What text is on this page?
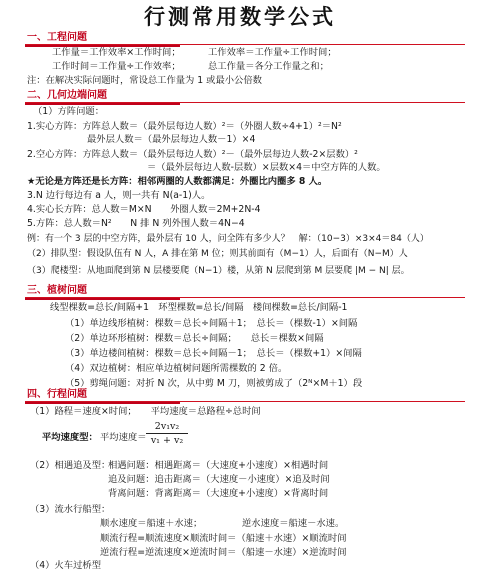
行测常用数学公式
一、工程问题
工作量＝工作效率×工作时间；	工作效率＝工作量÷工作时间；
工作时间＝工作量÷工作效率；	总工作量＝各分工作量之和；
注：在解决实际问题时，常设总工作量为 1 或最小公倍数
二、几何边端问题
（1）方阵问题：
1.实心方阵：方阵总人数＝（最外层每边人数）²＝（外圈人数÷4+1）²＝N²
最外层人数＝（最外层每边人数－1）×4
2.空心方阵：方阵总人数＝（最外层每边人数）²－（最外层每边人数-2×层数）²
＝（最外层每边人数-层数）×层数×4＝中空方阵的人数。
★无论是方阵还是长方阵：相邻两圈的人数都满足：外圈比内圈多 8 人。
3.N 边行每边有 a 人，则一共有 N(a-1)人。
4.实心长方阵：总人数＝M×N　　外圈人数＝2M+2N-4
5.方阵：总人数＝N²　　N 排 N 列外围人数＝4N−4
例：有一个 3 层的中空方阵，最外层有 10 人，问全阵有多少人？　解：（10−3）×3×4＝84（人）
（2）排队型：假设队伍有 N 人，A 排在第 M 位；则其前面有（M−1）人，后面有（N−M）人
（3）爬楼型：从地面爬到第 N 层楼要爬（N−1）楼，从第 N 层爬到第 M 层要爬 |M − N| 层。
三、植树问题
线型棵数=总长/间隔+1　环型棵数=总长/间隔　楼间棵数=总长/间隔-1
（1）单边线形植树：棵数＝总长÷间隔＋1；　总长＝（棵数-1）×间隔
（2）单边环形植树：棵数＝总长÷间隔；　　总长＝棵数×间隔
（3）单边楼间植树：棵数＝总长÷间隔－1；　总长＝（棵数+1）×间隔
（4）双边植树：相应单边植树问题所需棵数的 2 倍。
（5）剪绳问题：对折 N 次，从中剪 M 刀，则被剪成了（2ᴺ×M＋1）段
四、行程问题
（1）路程＝速度×时间；　　平均速度＝总路程÷总时间
平均速度型： 平均速度＝
2v₁v₂
v₁ + v₂
（2）相遇追及型：
相遇问题：相遇距离＝（大速度+小速度）×相遇时间
追及问题：追击距离＝（大速度－小速度）×追及时间
背离问题：背离距离＝（大速度+小速度）×背离时间
（3）流水行船型：
顺水速度＝船速＋水速；	逆水速度＝船速－水速。
顺流行程=顺流速度×顺流时间＝（船速＋水速）×顺流时间
逆流行程=逆流速度×逆流时间＝（船速－水速）×逆流时间
（4）火车过桥型
